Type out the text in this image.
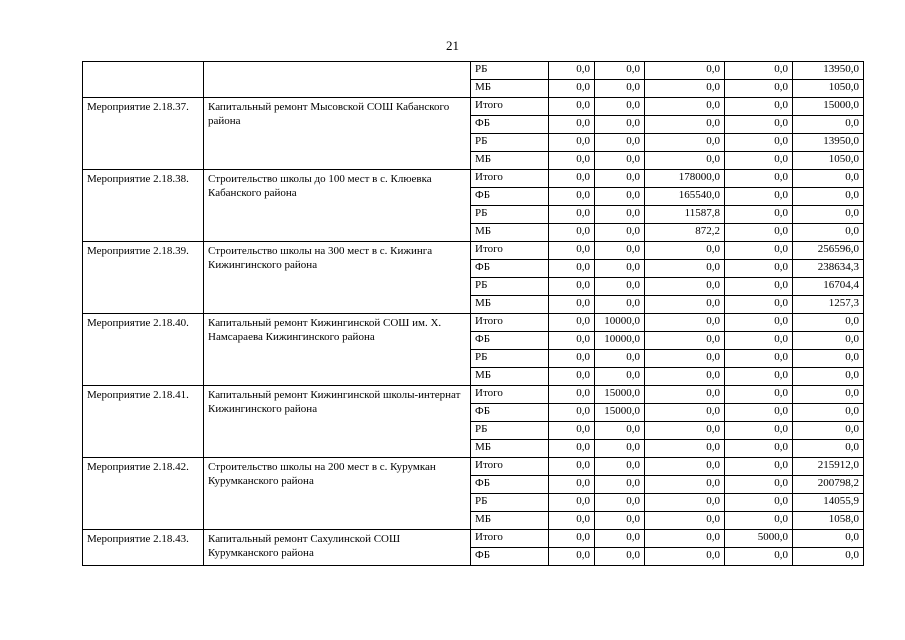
21
		РБ	0,0	0,0	0,0	0,0	13950,0
		МБ	0,0	0,0	0,0	0,0	1050,0
Мероприятие 2.18.37.	Капитальный ремонт Мысовской СОШ Кабанского района	Итого	0,0	0,0	0,0	0,0	15000,0
		ФБ	0,0	0,0	0,0	0,0	0,0
		РБ	0,0	0,0	0,0	0,0	13950,0
		МБ	0,0	0,0	0,0	0,0	1050,0
Мероприятие 2.18.38.	Строительство школы до 100 мест в с. Клюевка Кабанского района	Итого	0,0	0,0	178000,0	0,0	0,0
		ФБ	0,0	0,0	165540,0	0,0	0,0
		РБ	0,0	0,0	11587,8	0,0	0,0
		МБ	0,0	0,0	872,2	0,0	0,0
Мероприятие 2.18.39.	Строительство школы на 300 мест в с. Кижинга Кижингинского района	Итого	0,0	0,0	0,0	0,0	256596,0
		ФБ	0,0	0,0	0,0	0,0	238634,3
		РБ	0,0	0,0	0,0	0,0	16704,4
		МБ	0,0	0,0	0,0	0,0	1257,3
Мероприятие 2.18.40.	Капитальный ремонт Кижингинской СОШ им. Х. Намсараева Кижингинского района	Итого	0,0	10000,0	0,0	0,0	0,0
		ФБ	0,0	10000,0	0,0	0,0	0,0
		РБ	0,0	0,0	0,0	0,0	0,0
		МБ	0,0	0,0	0,0	0,0	0,0
Мероприятие 2.18.41.	Капитальный ремонт Кижингинской школы-интернат Кижингинского района	Итого	0,0	15000,0	0,0	0,0	0,0
		ФБ	0,0	15000,0	0,0	0,0	0,0
		РБ	0,0	0,0	0,0	0,0	0,0
		МБ	0,0	0,0	0,0	0,0	0,0
Мероприятие 2.18.42.	Строительство школы на 200 мест в с. Курумкан Курумканского района	Итого	0,0	0,0	0,0	0,0	215912,0
		ФБ	0,0	0,0	0,0	0,0	200798,2
		РБ	0,0	0,0	0,0	0,0	14055,9
		МБ	0,0	0,0	0,0	0,0	1058,0
Мероприятие 2.18.43.	Капитальный ремонт Сахулинской СОШ Курумканского района	Итого	0,0	0,0	0,0	5000,0	0,0
		ФБ	0,0	0,0	0,0	0,0	0,0
